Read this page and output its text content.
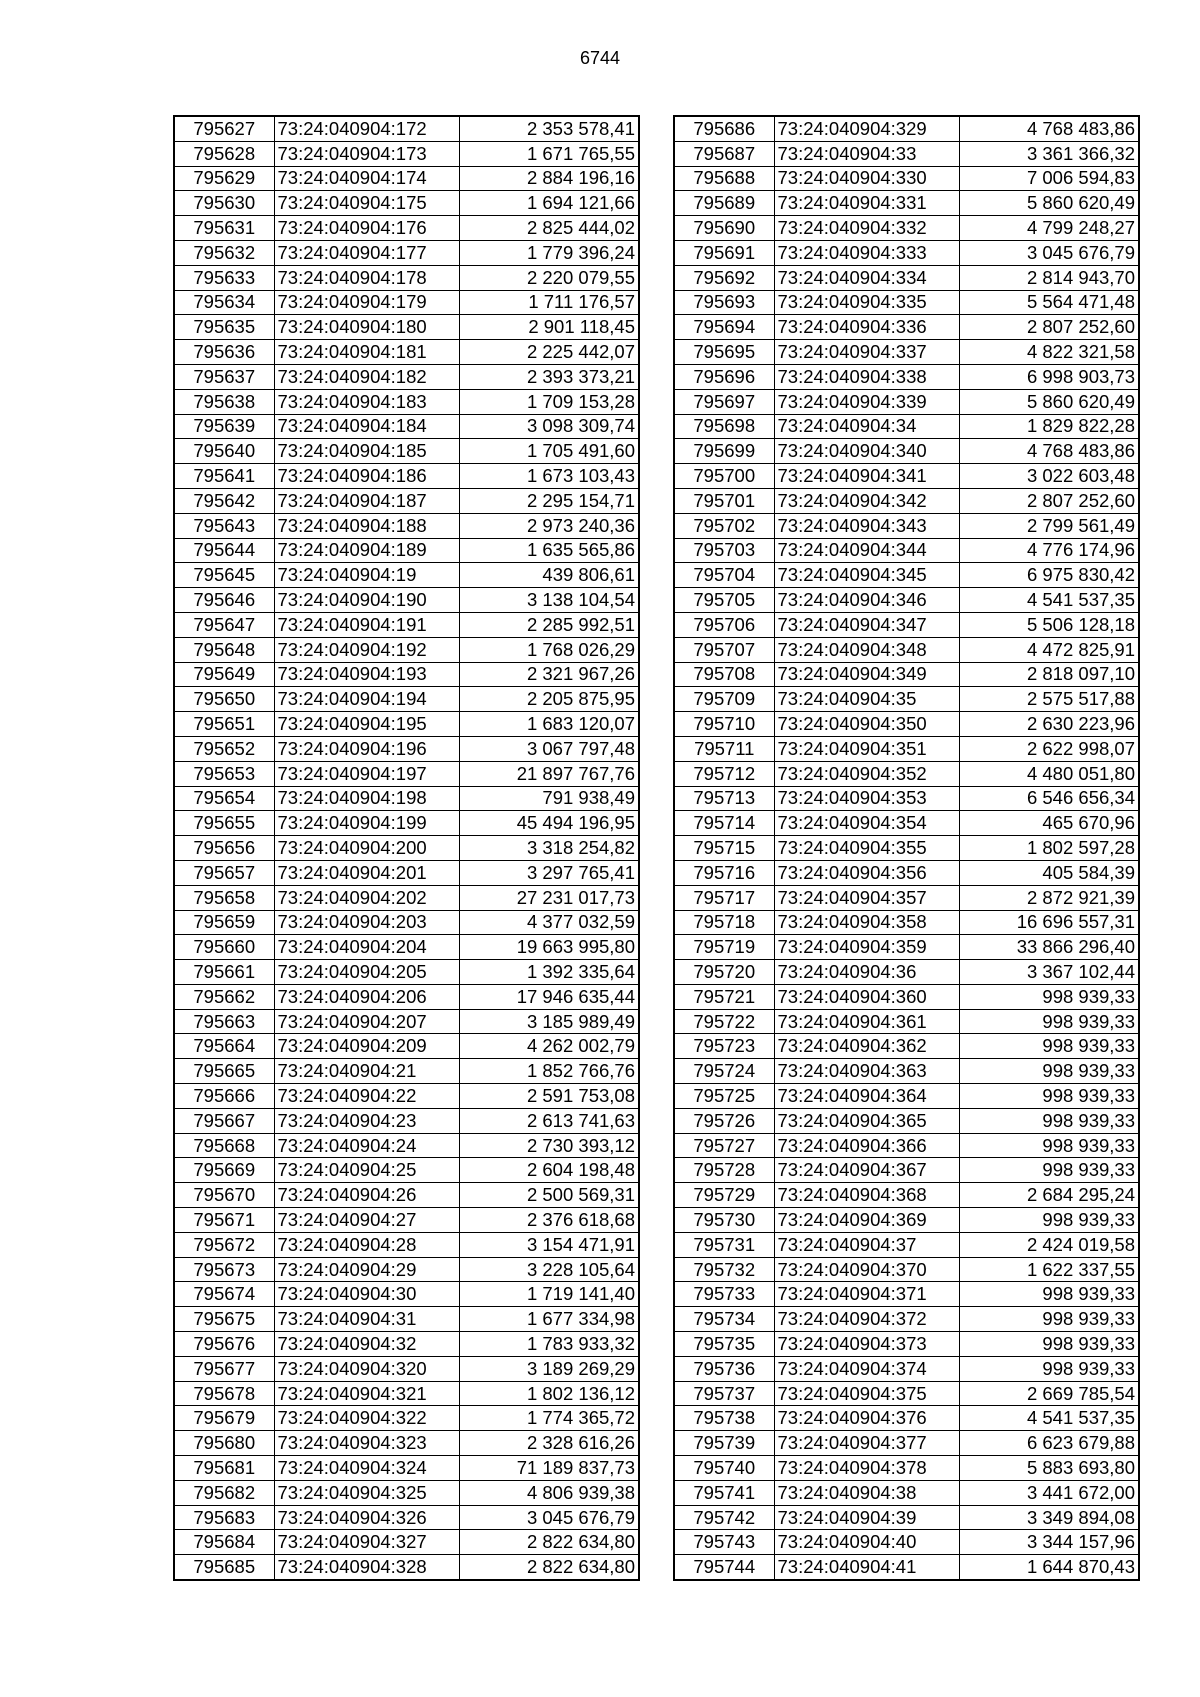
6744
795627	73:24:040904:172	2 353 578,41
795628	73:24:040904:173	1 671 765,55
795629	73:24:040904:174	2 884 196,16
795630	73:24:040904:175	1 694 121,66
795631	73:24:040904:176	2 825 444,02
795632	73:24:040904:177	1 779 396,24
795633	73:24:040904:178	2 220 079,55
795634	73:24:040904:179	1 711 176,57
795635	73:24:040904:180	2 901 118,45
795636	73:24:040904:181	2 225 442,07
795637	73:24:040904:182	2 393 373,21
795638	73:24:040904:183	1 709 153,28
795639	73:24:040904:184	3 098 309,74
795640	73:24:040904:185	1 705 491,60
795641	73:24:040904:186	1 673 103,43
795642	73:24:040904:187	2 295 154,71
795643	73:24:040904:188	2 973 240,36
795644	73:24:040904:189	1 635 565,86
795645	73:24:040904:19	439 806,61
795646	73:24:040904:190	3 138 104,54
795647	73:24:040904:191	2 285 992,51
795648	73:24:040904:192	1 768 026,29
795649	73:24:040904:193	2 321 967,26
795650	73:24:040904:194	2 205 875,95
795651	73:24:040904:195	1 683 120,07
795652	73:24:040904:196	3 067 797,48
795653	73:24:040904:197	21 897 767,76
795654	73:24:040904:198	791 938,49
795655	73:24:040904:199	45 494 196,95
795656	73:24:040904:200	3 318 254,82
795657	73:24:040904:201	3 297 765,41
795658	73:24:040904:202	27 231 017,73
795659	73:24:040904:203	4 377 032,59
795660	73:24:040904:204	19 663 995,80
795661	73:24:040904:205	1 392 335,64
795662	73:24:040904:206	17 946 635,44
795663	73:24:040904:207	3 185 989,49
795664	73:24:040904:209	4 262 002,79
795665	73:24:040904:21	1 852 766,76
795666	73:24:040904:22	2 591 753,08
795667	73:24:040904:23	2 613 741,63
795668	73:24:040904:24	2 730 393,12
795669	73:24:040904:25	2 604 198,48
795670	73:24:040904:26	2 500 569,31
795671	73:24:040904:27	2 376 618,68
795672	73:24:040904:28	3 154 471,91
795673	73:24:040904:29	3 228 105,64
795674	73:24:040904:30	1 719 141,40
795675	73:24:040904:31	1 677 334,98
795676	73:24:040904:32	1 783 933,32
795677	73:24:040904:320	3 189 269,29
795678	73:24:040904:321	1 802 136,12
795679	73:24:040904:322	1 774 365,72
795680	73:24:040904:323	2 328 616,26
795681	73:24:040904:324	71 189 837,73
795682	73:24:040904:325	4 806 939,38
795683	73:24:040904:326	3 045 676,79
795684	73:24:040904:327	2 822 634,80
795685	73:24:040904:328	2 822 634,80
795686	73:24:040904:329	4 768 483,86
795687	73:24:040904:33	3 361 366,32
795688	73:24:040904:330	7 006 594,83
795689	73:24:040904:331	5 860 620,49
795690	73:24:040904:332	4 799 248,27
795691	73:24:040904:333	3 045 676,79
795692	73:24:040904:334	2 814 943,70
795693	73:24:040904:335	5 564 471,48
795694	73:24:040904:336	2 807 252,60
795695	73:24:040904:337	4 822 321,58
795696	73:24:040904:338	6 998 903,73
795697	73:24:040904:339	5 860 620,49
795698	73:24:040904:34	1 829 822,28
795699	73:24:040904:340	4 768 483,86
795700	73:24:040904:341	3 022 603,48
795701	73:24:040904:342	2 807 252,60
795702	73:24:040904:343	2 799 561,49
795703	73:24:040904:344	4 776 174,96
795704	73:24:040904:345	6 975 830,42
795705	73:24:040904:346	4 541 537,35
795706	73:24:040904:347	5 506 128,18
795707	73:24:040904:348	4 472 825,91
795708	73:24:040904:349	2 818 097,10
795709	73:24:040904:35	2 575 517,88
795710	73:24:040904:350	2 630 223,96
795711	73:24:040904:351	2 622 998,07
795712	73:24:040904:352	4 480 051,80
795713	73:24:040904:353	6 546 656,34
795714	73:24:040904:354	465 670,96
795715	73:24:040904:355	1 802 597,28
795716	73:24:040904:356	405 584,39
795717	73:24:040904:357	2 872 921,39
795718	73:24:040904:358	16 696 557,31
795719	73:24:040904:359	33 866 296,40
795720	73:24:040904:36	3 367 102,44
795721	73:24:040904:360	998 939,33
795722	73:24:040904:361	998 939,33
795723	73:24:040904:362	998 939,33
795724	73:24:040904:363	998 939,33
795725	73:24:040904:364	998 939,33
795726	73:24:040904:365	998 939,33
795727	73:24:040904:366	998 939,33
795728	73:24:040904:367	998 939,33
795729	73:24:040904:368	2 684 295,24
795730	73:24:040904:369	998 939,33
795731	73:24:040904:37	2 424 019,58
795732	73:24:040904:370	1 622 337,55
795733	73:24:040904:371	998 939,33
795734	73:24:040904:372	998 939,33
795735	73:24:040904:373	998 939,33
795736	73:24:040904:374	998 939,33
795737	73:24:040904:375	2 669 785,54
795738	73:24:040904:376	4 541 537,35
795739	73:24:040904:377	6 623 679,88
795740	73:24:040904:378	5 883 693,80
795741	73:24:040904:38	3 441 672,00
795742	73:24:040904:39	3 349 894,08
795743	73:24:040904:40	3 344 157,96
795744	73:24:040904:41	1 644 870,43
